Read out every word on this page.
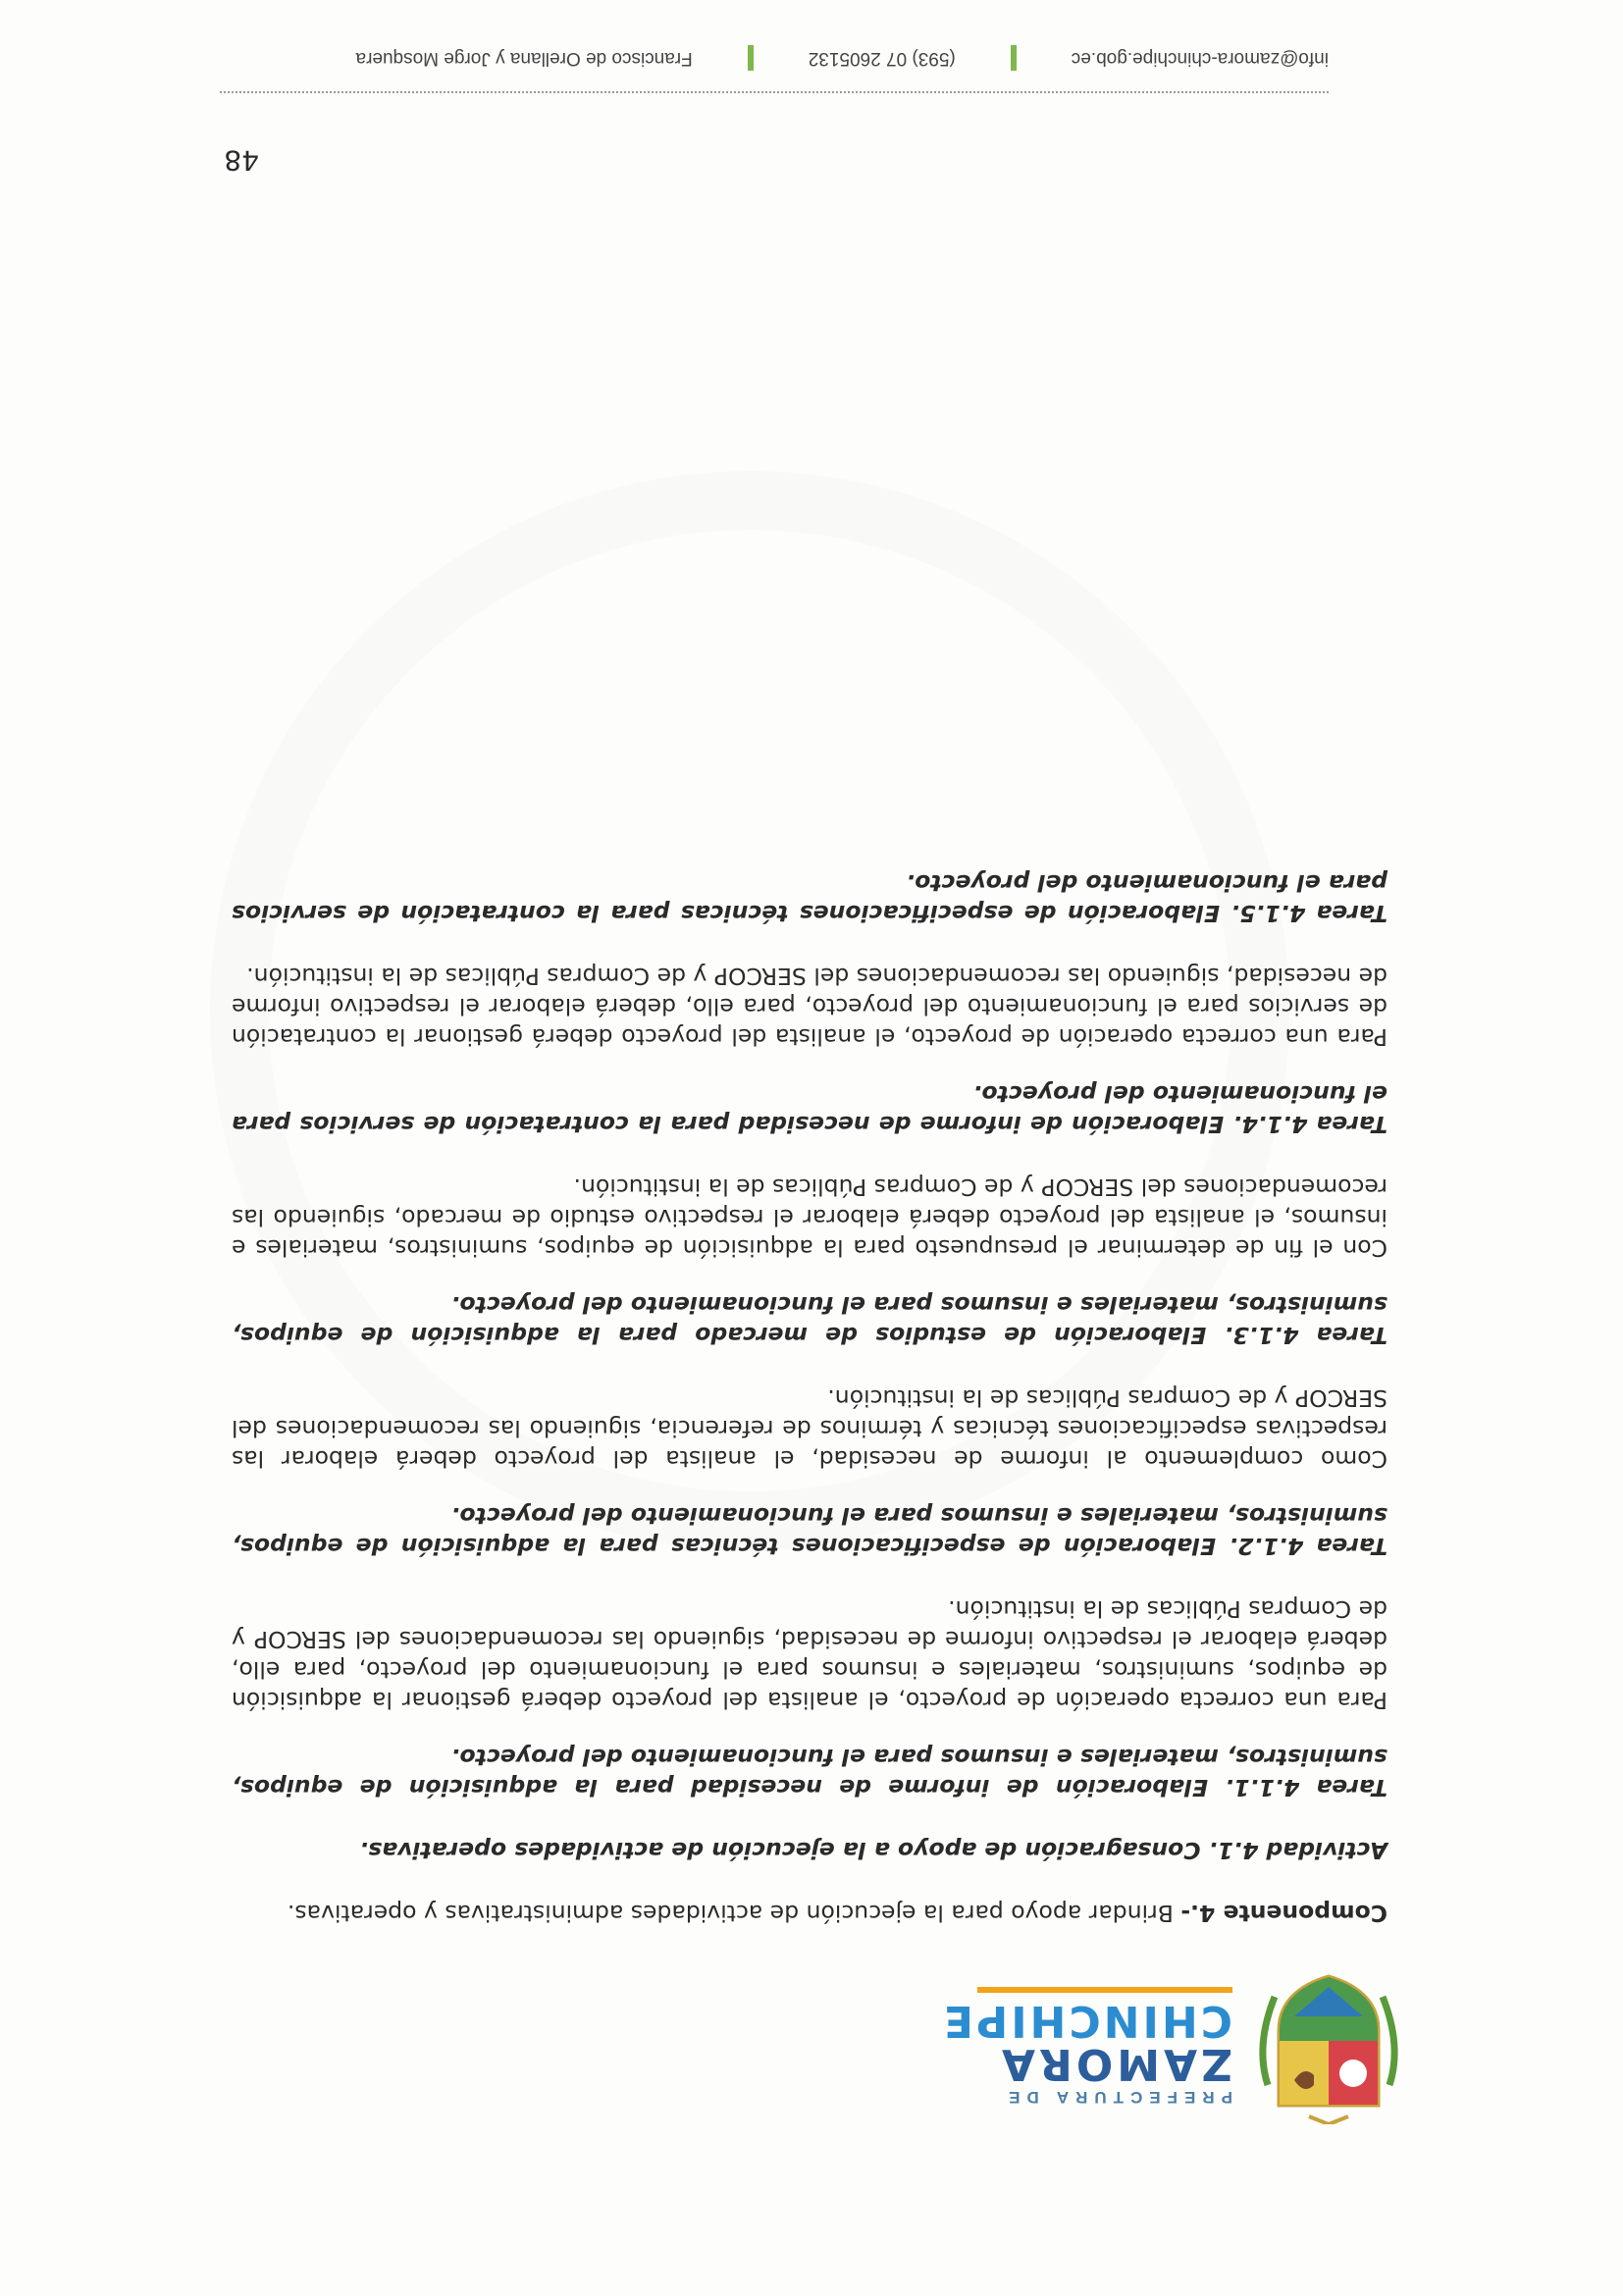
PREFECTURA DE
ZAMORA
CHINCHIPE

Componente 4.- Brindar apoyo para la ejecución de actividades administrativas y operativas.

Actividad 4.1. Consagración de apoyo a la ejecución de actividades operativas.

Tarea 4.1.1. Elaboración de informe de necesidad para la adquisición de equipos, suministros, materiales e insumos para el funcionamiento del proyecto.

Para una correcta operación de proyecto, el analista del proyecto deberá gestionar la adquisición de equipos, suministros, materiales e insumos para el funcionamiento del proyecto, para ello, deberá elaborar el respectivo informe de necesidad, siguiendo las recomendaciones del SERCOP y de Compras Públicas de la institución.

Tarea 4.1.2. Elaboración de especificaciones técnicas para la adquisición de equipos, suministros, materiales e insumos para el funcionamiento del proyecto.

Como complemento al informe de necesidad, el analista del proyecto deberá elaborar las respectivas especificaciones técnicas y términos de referencia, siguiendo las recomendaciones del SERCOP y de Compras Públicas de la institución.

Tarea 4.1.3. Elaboración de estudios de mercado para la adquisición de equipos, suministros, materiales e insumos para el funcionamiento del proyecto.

Con el fin de determinar el presupuesto para la adquisición de equipos, suministros, materiales e insumos, el analista del proyecto deberá elaborar el respectivo estudio de mercado, siguiendo las recomendaciones del SERCOP y de Compras Públicas de la institución.

Tarea 4.1.4. Elaboración de informe de necesidad para la contratación de servicios para el funcionamiento del proyecto.

Para una correcta operación de proyecto, el analista del proyecto deberá gestionar la contratación de servicios para el funcionamiento del proyecto, para ello, deberá elaborar el respectivo informe de necesidad, siguiendo las recomendaciones del SERCOP y de Compras Públicas de la institución.

Tarea 4.1.5. Elaboración de especificaciones técnicas para la contratación de servicios para el funcionamiento del proyecto.

48
info@zamora-chinchipe.gob.ec
(593) 07 2605132
Francisco de Orellana y Jorge Mosquera
